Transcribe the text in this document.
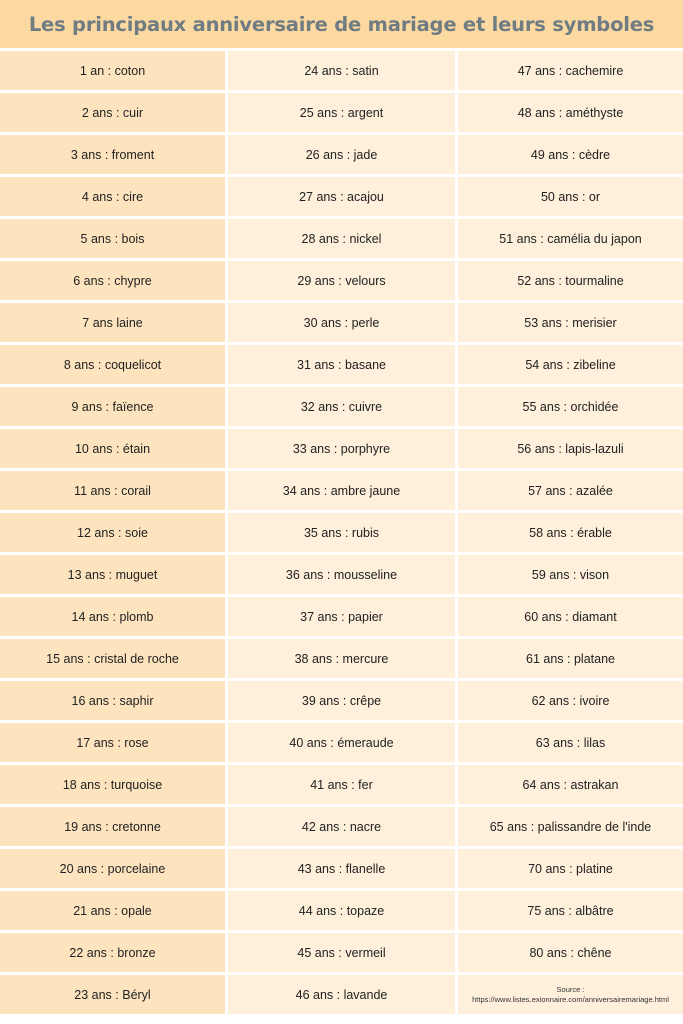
Les principaux anniversaire de mariage et leurs symboles
1 an : coton
2 ans : cuir
3 ans : froment
4 ans : cire
5 ans : bois
6 ans : chypre
7 ans laine
8 ans : coquelicot
9 ans : faïence
10 ans : étain
11 ans : corail
12 ans : soie
13 ans : muguet
14 ans : plomb
15 ans : cristal de roche
16 ans : saphir
17 ans : rose
18 ans : turquoise
19 ans : cretonne
20 ans : porcelaine
21 ans : opale
22 ans : bronze
23 ans : Béryl
24 ans : satin
25 ans : argent
26 ans : jade
27 ans : acajou
28 ans : nickel
29 ans : velours
30 ans : perle
31 ans : basane
32 ans : cuivre
33 ans : porphyre
34 ans : ambre jaune
35 ans : rubis
36 ans : mousseline
37 ans : papier
38 ans : mercure
39 ans : crêpe
40 ans : émeraude
41 ans : fer
42 ans : nacre
43 ans : flanelle
44 ans : topaze
45 ans : vermeil
46 ans : lavande
47 ans : cachemire
48 ans : améthyste
49 ans : cèdre
50 ans : or
51 ans : camélia du japon
52 ans : tourmaline
53 ans : merisier
54 ans : zibeline
55 ans : orchidée
56 ans : lapis-lazuli
57 ans : azalée
58 ans : érable
59 ans : vison
60 ans : diamant
61 ans : platane
62 ans : ivoire
63 ans : lilas
64 ans : astrakan
65 ans : palissandre de l'inde
70 ans : platine
75 ans : albâtre
80 ans : chêne
Source :
https://www.listes.exionnaire.com/anniversairemariage.html
